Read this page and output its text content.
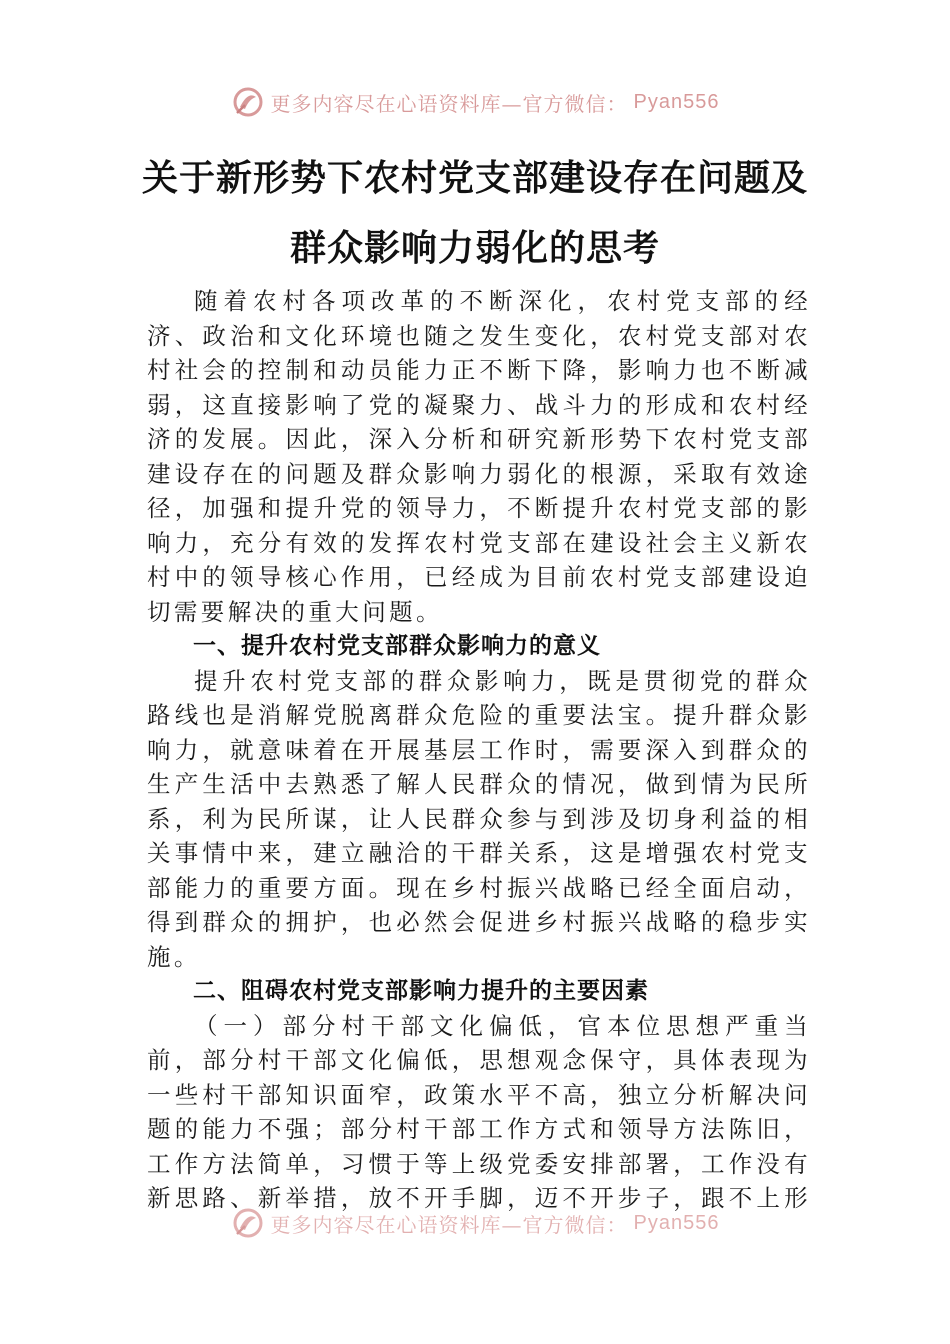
更多内容尽在心语资料库—官方微信： Pyan556
关于新形势下农村党支部建设存在问题及
群众影响力弱化的思考

随着农村各项改革的不断深化，农村党支部的经济、政治和文化环境也随之发生变化，农村党支部对农村社会的控制和动员能力正不断下降，影响力也不断减弱，这直接影响了党的凝聚力、战斗力的形成和农村经济的发展。因此，深入分析和研究新形势下农村党支部建设存在的问题及群众影响力弱化的根源，采取有效途径，加强和提升党的领导力，不断提升农村党支部的影响力，充分有效的发挥农村党支部在建设社会主义新农村中的领导核心作用，已经成为目前农村党支部建设迫切需要解决的重大问题。

一、提升农村党支部群众影响力的意义

提升农村党支部的群众影响力，既是贯彻党的群众路线也是消解党脱离群众危险的重要法宝。提升群众影响力，就意味着在开展基层工作时，需要深入到群众的生产生活中去熟悉了解人民群众的情况，做到情为民所系，利为民所谋，让人民群众参与到涉及切身利益的相关事情中来，建立融洽的干群关系，这是增强农村党支部能力的重要方面。现在乡村振兴战略已经全面启动，得到群众的拥护，也必然会促进乡村振兴战略的稳步实施。

二、阻碍农村党支部影响力提升的主要因素

（一）部分村干部文化偏低，官本位思想严重当前，部分村干部文化偏低，思想观念保守，具体表现为一些村干部知识面窄，政策水平不高，独立分析解决问题的能力不强；部分村干部工作方式和领导方法陈旧，工作方法简单，习惯于等上级党委安排部署，工作没有新思路、新举措，放不开手脚，迈不开步子，跟不上形

更多内容尽在心语资料库—官方微信： Pyan556
